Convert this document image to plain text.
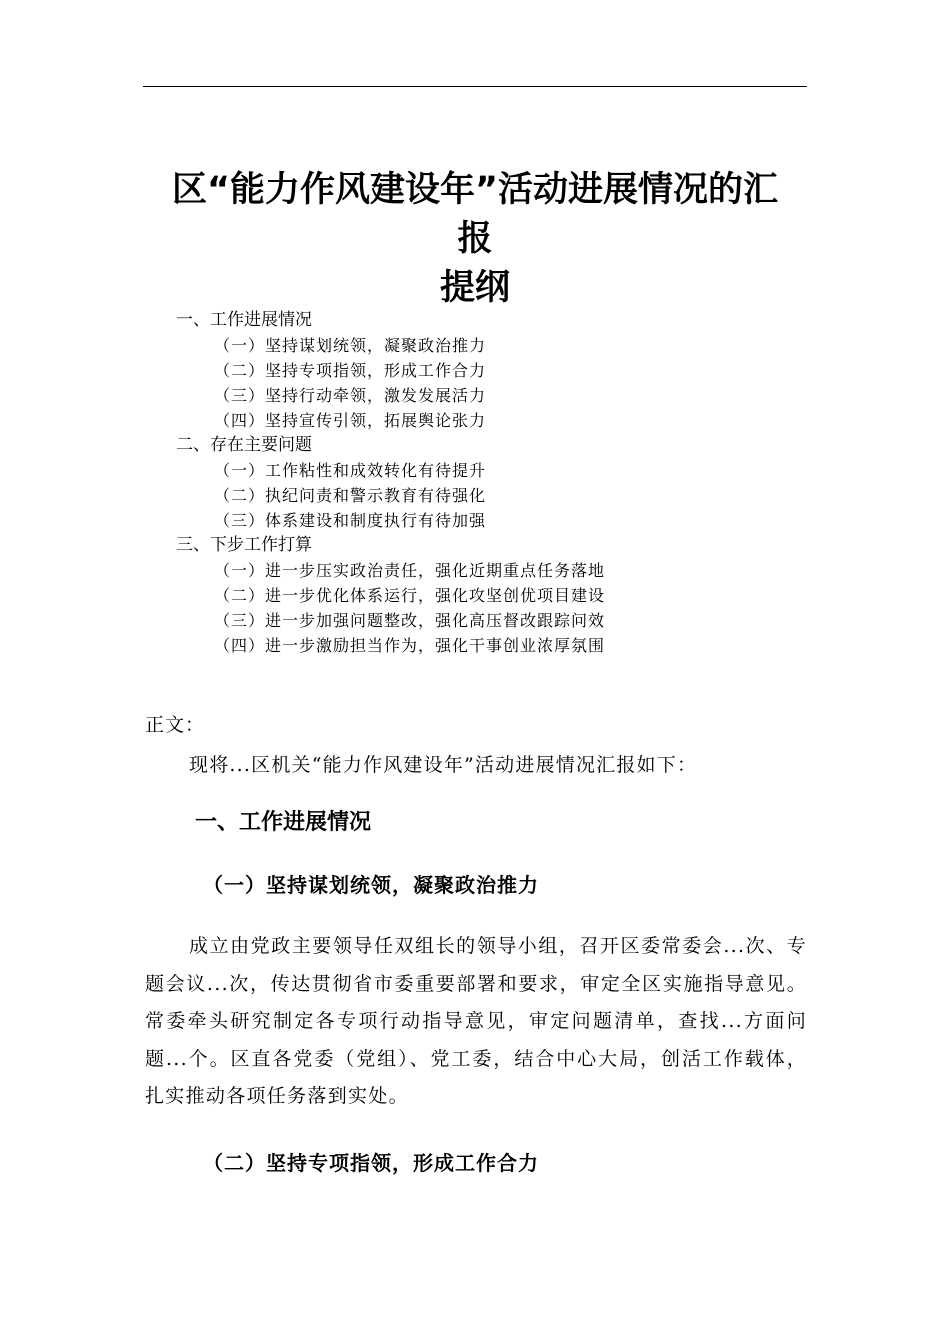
区“能力作风建设年”活动进展情况的汇
报
提纲
一、工作进展情况
（一）坚持谋划统领，凝聚政治推力
（二）坚持专项指领，形成工作合力
（三）坚持行动牵领，激发发展活力
（四）坚持宣传引领，拓展舆论张力
二、存在主要问题
（一）工作粘性和成效转化有待提升
（二）执纪问责和警示教育有待强化
（三）体系建设和制度执行有待加强
三、下步工作打算
（一）进一步压实政治责任，强化近期重点任务落地
（二）进一步优化体系运行，强化攻坚创优项目建设
（三）进一步加强问题整改，强化高压督改跟踪问效
（四）进一步激励担当作为，强化干事创业浓厚氛围

正文：

现将...区机关“能力作风建设年”活动进展情况汇报如下：

一、工作进展情况
（一）坚持谋划统领，凝聚政治推力

成立由党政主要领导任双组长的领导小组，召开区委常委会...次、专题会议...次，传达贯彻省市委重要部署和要求，审定全区实施指导意见。常委牵头研究制定各专项行动指导意见，审定问题清单，查找...方面问题...个。区直各党委（党组）、党工委，结合中心大局，创活工作载体，扎实推动各项任务落到实处。

（二）坚持专项指领，形成工作合力
